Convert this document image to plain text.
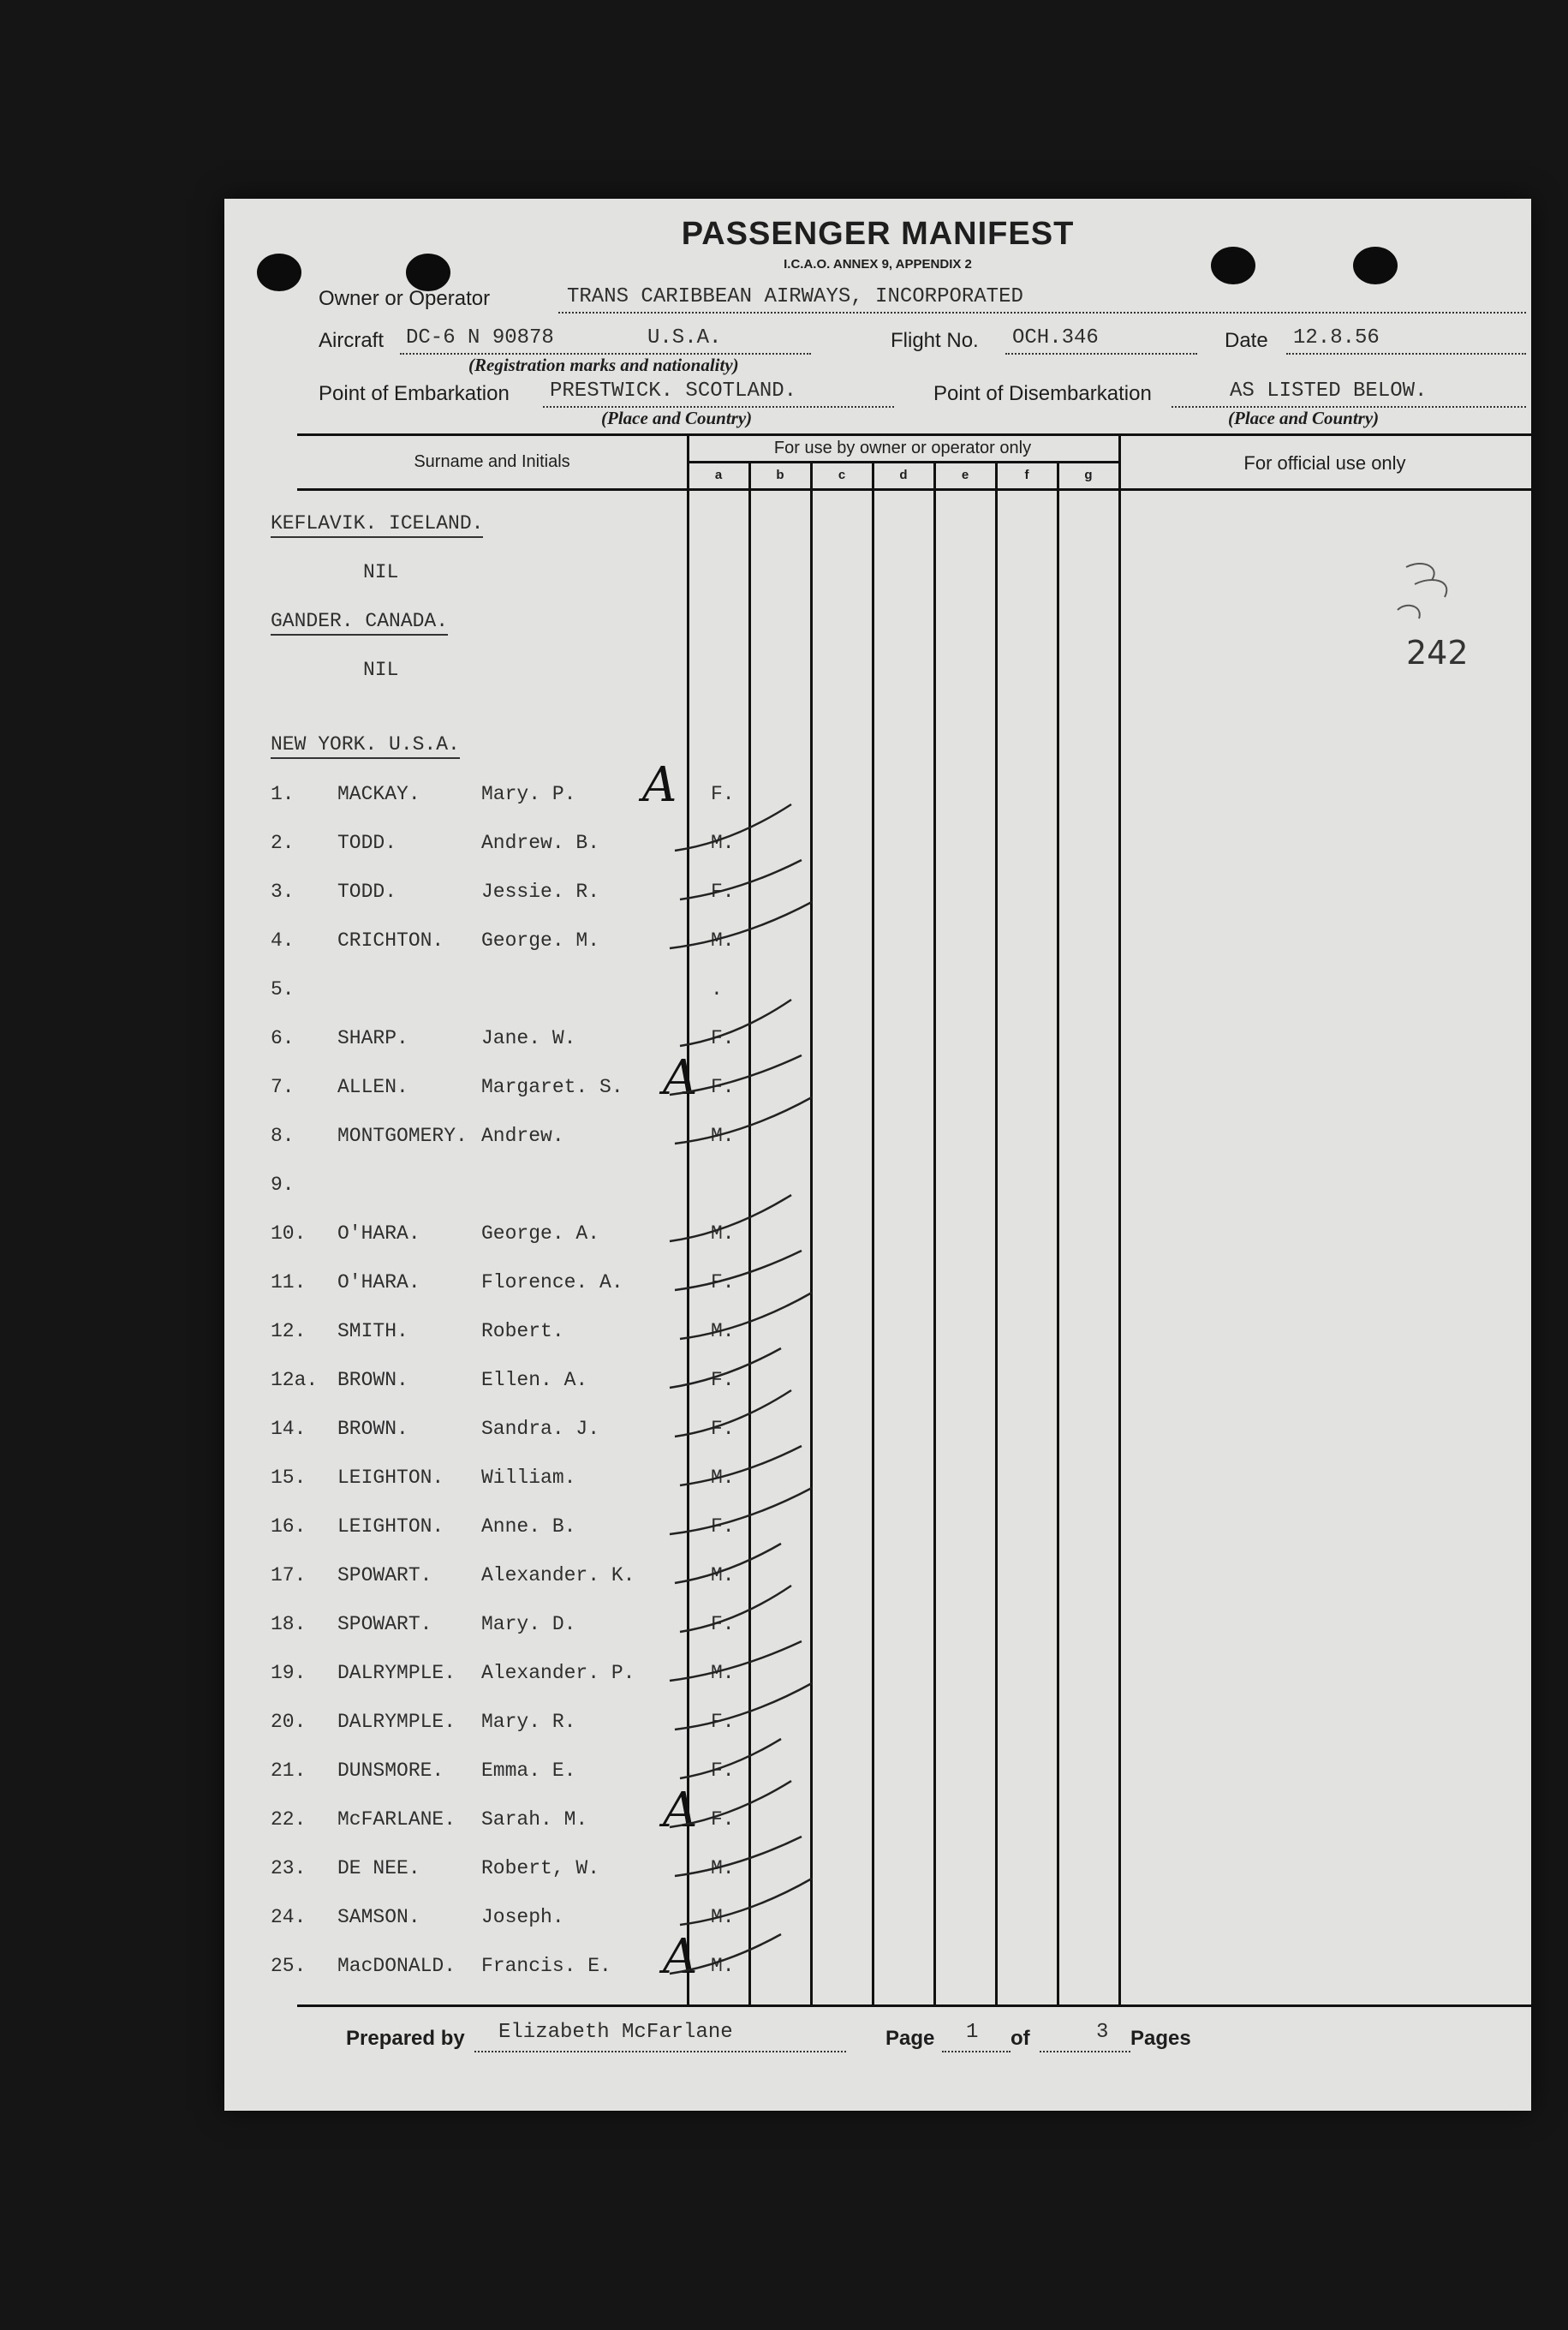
PASSENGER MANIFEST
I.C.A.O. ANNEX 9, APPENDIX 2
Owner or Operator	TRANS CARIBBEAN AIRWAYS, INCORPORATED
Aircraft DC-6 N 90878	U.S.A.	Flight No. OCH.346	Date 12.8.56
(Registration marks and nationality)
Point of Embarkation PRESTWICK. SCOTLAND.	Point of Disembarkation	AS LISTED BELOW.
(Place and Country)	(Place and Country)
Surname and Initials
For use by owner or operator only
For official use only
a	b	c	d	e	f	g
KEFLAVIK. ICELAND.
NIL
GANDER. CANADA.
NIL
NEW YORK. U.S.A.
1. MACKAY.	Mary. P.	F.
A
2. TODD.	Andrew. B.	M.
3. TODD.	Jessie. R.	F.
4. CRICHTON. George. M.	M.
5.	.
6. SHARP.	Jane. W.	F.
7. ALLEN.	Margaret. S.	F.
A
8. MONTGOMERY. Andrew.	M.
9.
10. O'HARA.	George. A.	M.
11. O'HARA.	Florence. A.	F.
12. SMITH.	Robert.	M.
12a. BROWN.	Ellen. A.	F.
14. BROWN.	Sandra. J.	F.
15. LEIGHTON. William.	M.
16. LEIGHTON. Anne. B.	F.
17. SPOWART.	Alexander. K.	M.
18. SPOWART.	Mary. D.	F.
19. DALRYMPLE. Alexander. P.	M.
20. DALRYMPLE. Mary. R.	F.
21. DUNSMORE. Emma. E.	F.
22. McFARLANE. Sarah. M.	F.
A
23. DE NEE.	Robert, W.	M.
24. SAMSON.	Joseph.	M.
25. MacDONALD. Francis. E.	M.
A
242
Prepared by Elizabeth McFarlane	Page 1 of	3 Pages
